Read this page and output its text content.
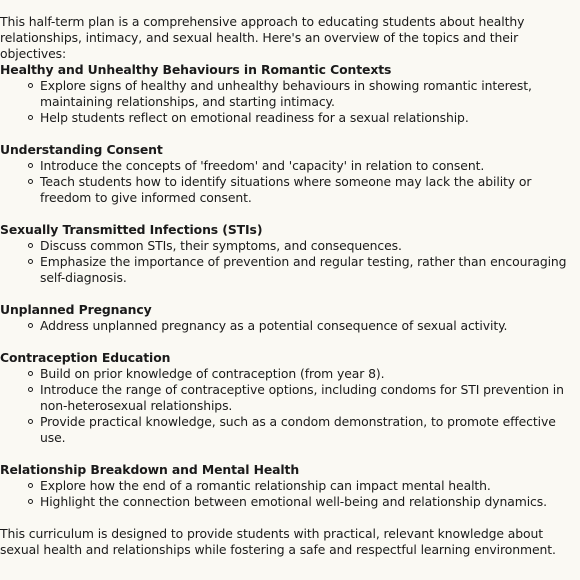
This half-term plan is a comprehensive approach to educating students about healthy relationships, intimacy, and sexual health. Here's an overview of the topics and their objectives:

Healthy and Unhealthy Behaviours in Romantic Contexts
Explore signs of healthy and unhealthy behaviours in showing romantic interest, maintaining relationships, and starting intimacy.
Help students reflect on emotional readiness for a sexual relationship.
Understanding Consent
Introduce the concepts of 'freedom' and 'capacity' in relation to consent.
Teach students how to identify situations where someone may lack the ability or freedom to give informed consent.
Sexually Transmitted Infections (STIs)
Discuss common STIs, their symptoms, and consequences.
Emphasize the importance of prevention and regular testing, rather than encouraging self-diagnosis.
Unplanned Pregnancy
Address unplanned pregnancy as a potential consequence of sexual activity.
Contraception Education
Build on prior knowledge of contraception (from year 8).
Introduce the range of contraceptive options, including condoms for STI prevention in non-heterosexual relationships.
Provide practical knowledge, such as a condom demonstration, to promote effective use.
Relationship Breakdown and Mental Health
Explore how the end of a romantic relationship can impact mental health.
Highlight the connection between emotional well-being and relationship dynamics.

This curriculum is designed to provide students with practical, relevant knowledge about sexual health and relationships while fostering a safe and respectful learning environment.
